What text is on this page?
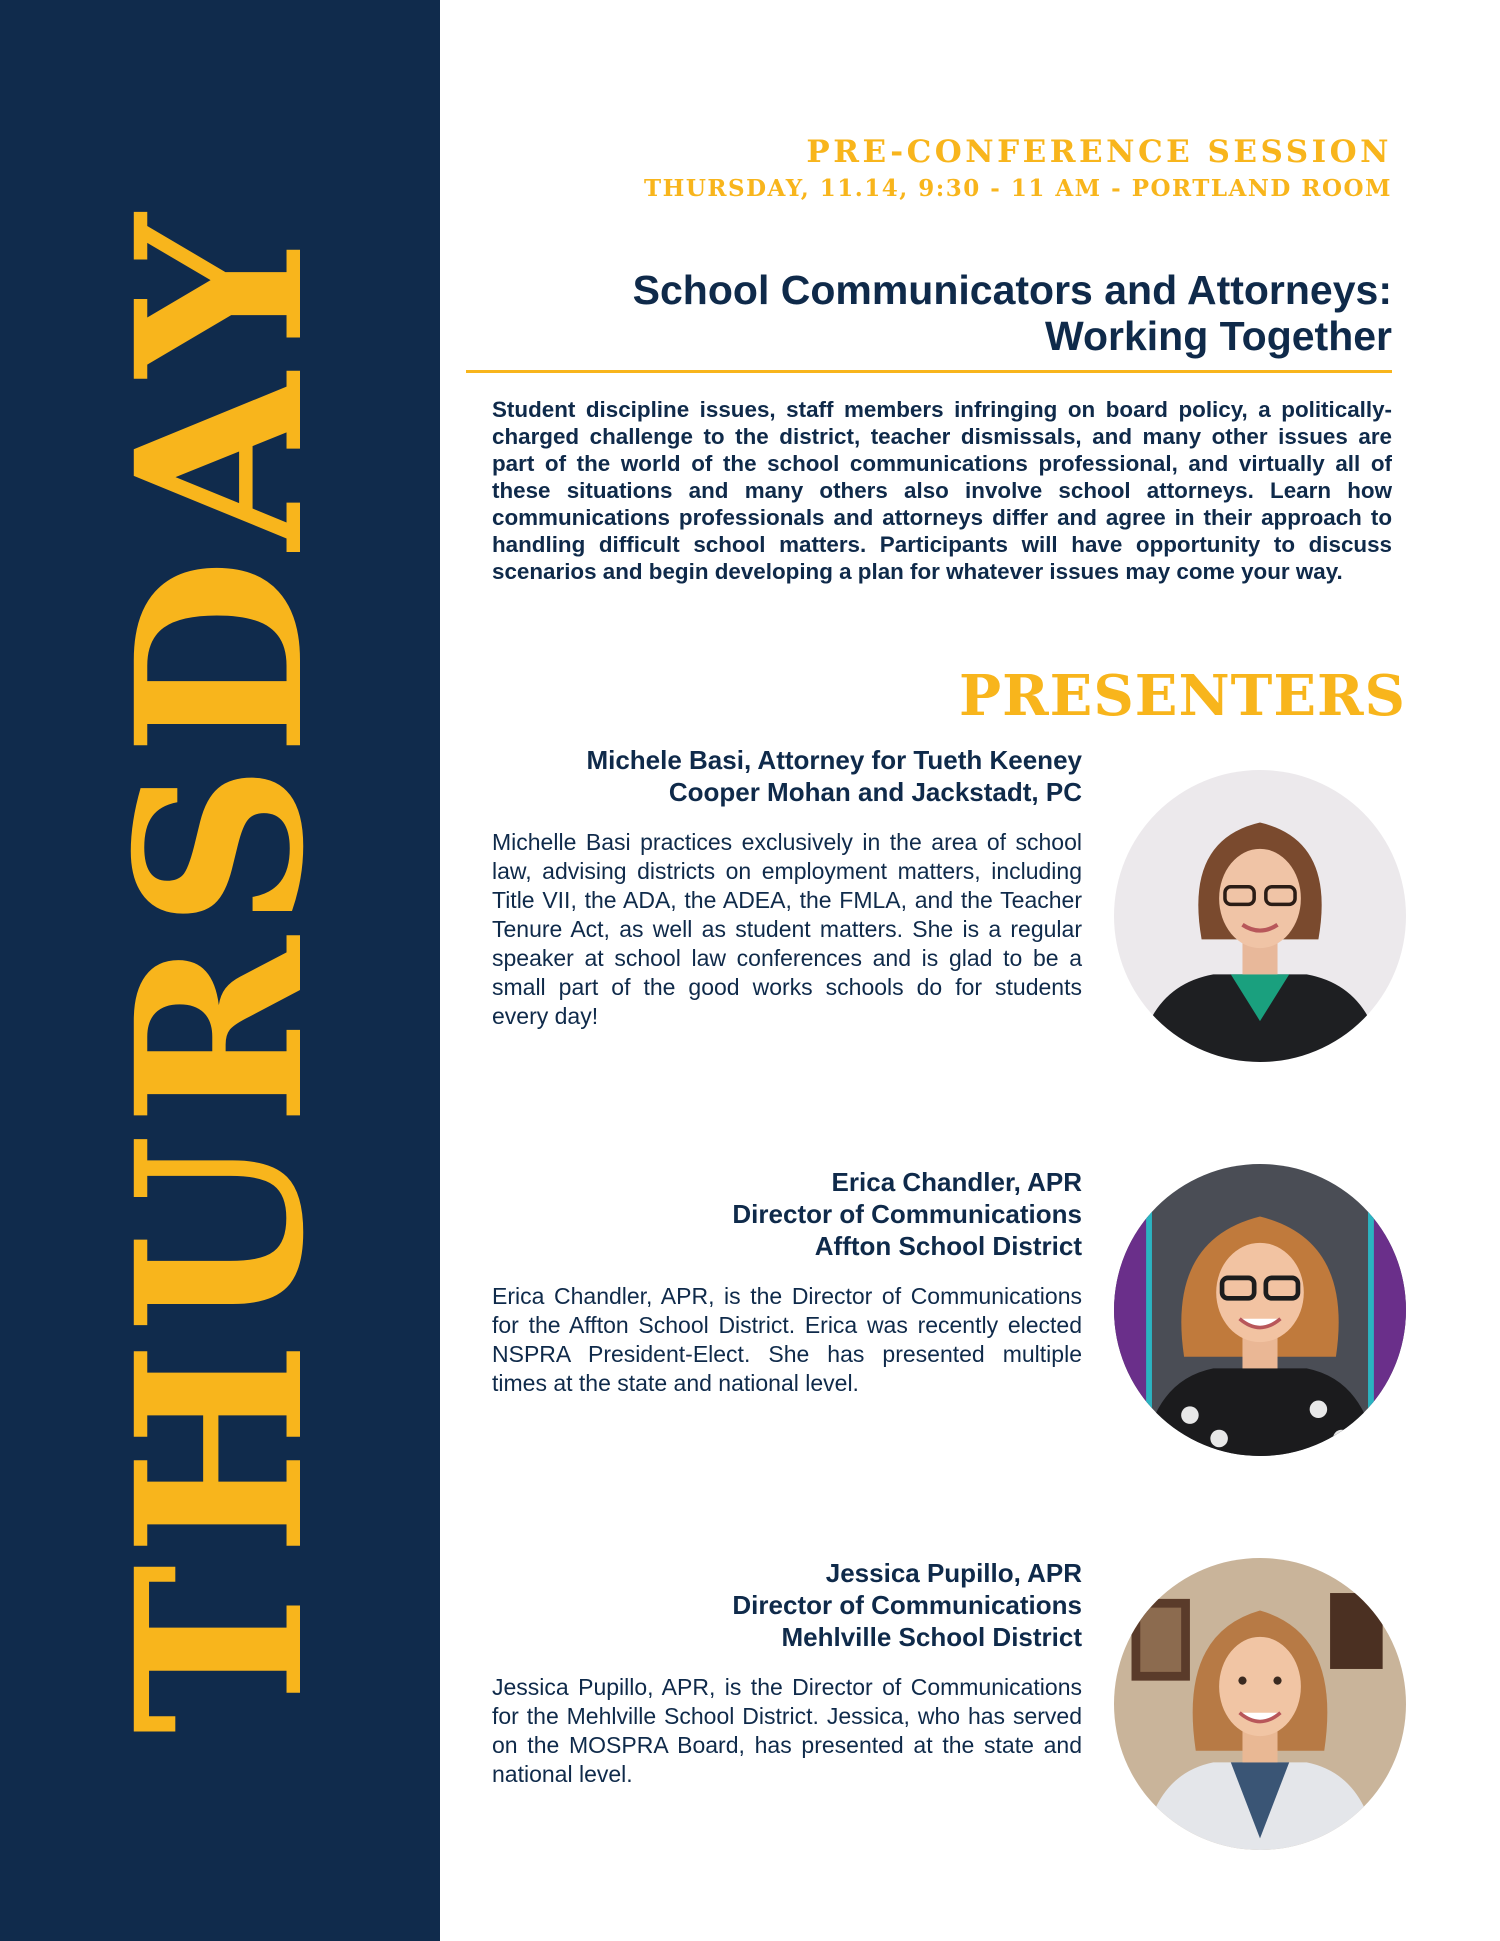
THURSDAY
PRE-CONFERENCE SESSION
THURSDAY, 11.14, 9:30 - 11 AM - PORTLAND ROOM
School Communicators and Attorneys:
Working Together

Student discipline issues, staff members infringing on board policy, a politically-charged challenge to the district, teacher dismissals, and many other issues are part of the world of the school communications professional, and virtually all of these situations and many others also involve school attorneys. Learn how communications professionals and attorneys differ and agree in their approach to handling difficult school matters. Participants will have opportunity to discuss scenarios and begin developing a plan for whatever issues may come your way.

PRESENTERS
Michele Basi, Attorney for Tueth Keeney
Cooper Mohan and Jackstadt, PC

Michelle Basi practices exclusively in the area of school law, advising districts on employment matters, including Title VII, the ADA, the ADEA, the FMLA, and the Teacher Tenure Act, as well as student matters. She is a regular speaker at school law conferences and is glad to be a small part of the good works schools do for students every day!

Erica Chandler, APR
Director of Communications
Affton School District

Erica Chandler, APR, is the Director of Communications for the Affton School District. Erica was recently elected NSPRA President-Elect. She has presented multiple times at the state and national level.

Jessica Pupillo, APR
Director of Communications
Mehlville School District

Jessica Pupillo, APR, is the Director of Communications for the Mehlville School District. Jessica, who has served on the MOSPRA Board, has presented at the state and national level.
